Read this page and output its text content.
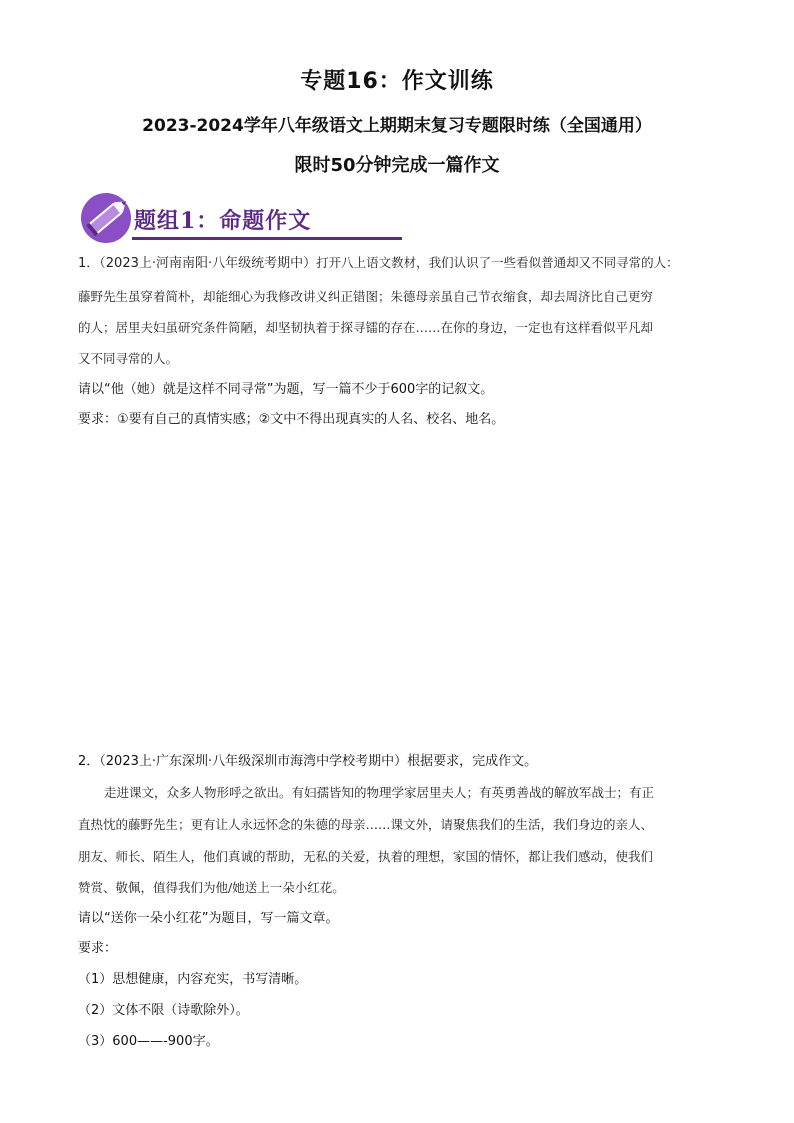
专题16：作文训练
2023-2024学年八年级语文上期期末复习专题限时练（全国通用）
限时50分钟完成一篇作文
题组1：命题作文
1．（2023上·河南南阳·八年级统考期中）打开八上语文教材，我们认识了一些看似普通却又不同寻常的人：
藤野先生虽穿着简朴，却能细心为我修改讲义纠正错图；朱德母亲虽自己节衣缩食，却去周济比自己更穷
的人；居里夫妇虽研究条件简陋，却坚韧执着于探寻镭的存在……在你的身边，一定也有这样看似平凡却
又不同寻常的人。
请以“他（她）就是这样不同寻常”为题，写一篇不少于600字的记叙文。
要求：①要有自己的真情实感；②文中不得出现真实的人名、校名、地名。
2．（2023上·广东深圳·八年级深圳市海湾中学校考期中）根据要求，完成作文。
走进课文，众多人物形呼之欲出。有妇孺皆知的物理学家居里夫人；有英勇善战的解放军战士；有正
直热忱的藤野先生；更有让人永远怀念的朱德的母亲……课文外，请聚焦我们的生活，我们身边的亲人、
朋友、师长、陌生人，他们真诚的帮助，无私的关爱，执着的理想，家国的情怀，都让我们感动，使我们
赞赏、敬佩，值得我们为他/她送上一朵小红花。
请以“送你一朵小红花”为题目，写一篇文章。
要求：
（1）思想健康，内容充实，书写清晰。
（2）文体不限（诗歌除外）。
（3）600——-900字。
